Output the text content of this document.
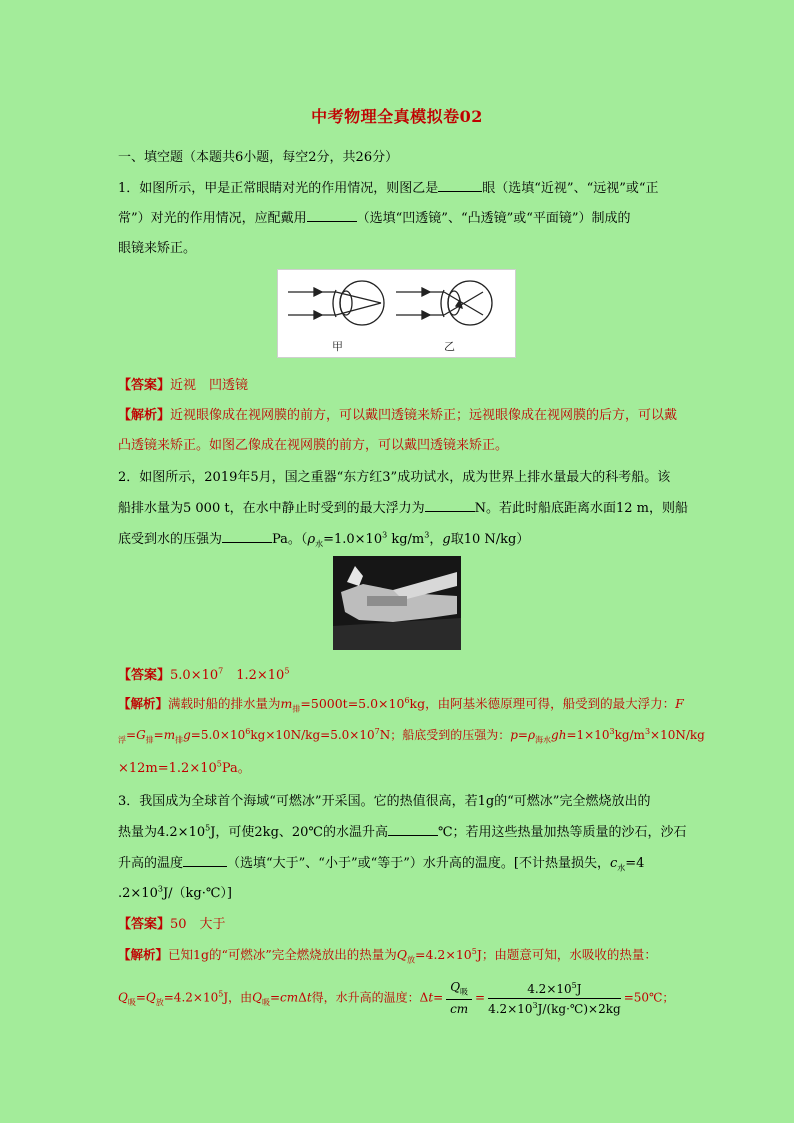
中考物理全真模拟卷02
一、填空题（本题共6小题，每空2分，共26分）
1．如图所示，甲是正常眼睛对光的作用情况，则图乙是	眼（选填“近视”、“远视”或“正
常”）对光的作用情况，应配戴用	（选填“凹透镜”、“凸透镜”或“平面镜”）制成的
眼镜来矫正。
甲	乙
【答案】近视　凹透镜
【解析】近视眼像成在视网膜的前方，可以戴凹透镜来矫正；远视眼像成在视网膜的后方，可以戴
凸透镜来矫正。如图乙像成在视网膜的前方，可以戴凹透镜来矫正。
2．如图所示，2019年5月，国之重器“东方红3”成功试水，成为世界上排水量最大的科考船。该
船排水量为5 000 t，在水中静止时受到的最大浮力为	N。若此时船底距离水面12 m，则船
底受到水的压强为	Pa。（$\rho_水=1.0\times 10^3$ $kg/m^3$，g取10 N/kg）
【答案】$5.0\times 10^7$　$1.2\times 10^5$
【解析】满载时船的排水量为$m_排=5000t=5.0\times 10^6kg$，由阿基米德原理可得，船受到的最大浮力：F
$_浮=G_排=m_排g=5.0\times 10^6kg\times 10N/kg=5.0\times 10^7N$；船底受到的压强为：$p=\rho_{海水}gh=1\times 10^3kg/m^3\times 10N/kg$
$\times 12m=1.2\times 10^5Pa$。
3．我国成为全球首个海域“可燃冰”开采国。它的热值很高，若1g的“可燃冰”完全燃烧放出的
热量为$4.2\times 10^5J$，可使2kg、20℃的水温升高	℃；若用这些热量加热等质量的沙石，沙石
升高的温度	（选填“大于”、“小于”或“等于”）水升高的温度。[不计热量损失，$c_水=4$
$.2\times 10^3J/(kg\cdot℃)$]
【答案】50　大于
【解析】已知1g的“可燃冰”完全燃烧放出的热量为$Q_放=4.2\times 10^5J$；由题意可知，水吸收的热量：
$Q_吸=Q_放=4.2\times 10^5J$，由$Q_吸=cm\Delta t$得，水升高的温度：$\Delta t= \frac{Q_吸}{cm} = \frac{4.2\times 10^5J}{4.2\times 10^3J/(kg\cdot℃)\times 2kg}$ =50℃；
